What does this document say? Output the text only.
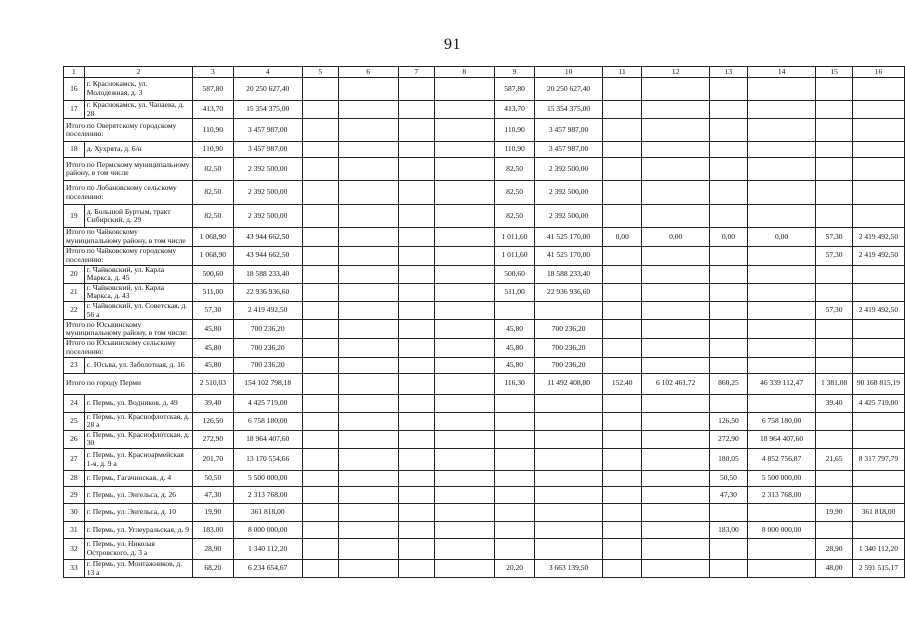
91
1	2	3	4	5	6	7	8	9	10	11	12	13	14	15	16
16	г. Краснокамск, ул. Молодежная, д. 3	587,80	20 250 627,40					587,80	20 250 627,40						
17	г. Краснокамск, ул. Чапаева, д. 28	413,70	15 354 375,00					413,70	15 354 375,00						
Итого по Оверятскому городскому поселению:		110,90	3 457 987,00					110,90	3 457 987,00						
18	д. Хухрята, д. 6/н	110,90	3 457 987,00					110,90	3 457 987,00						
Итого по Пермскому муниципальному району, в том числе		82,50	2 392 500,00					82,50	2 392 500,00						
Итого по Лобановскому сельскому поселению:		82,50	2 392 500,00					82,50	2 392 500,00						
19	д. Большой Буртым, тракт Сибирский, д. 29	82,50	2 392 500,00					82,50	2 392 500,00						
Итого по Чайковскому муниципальному району, в том числе		1 068,90	43 944 662,50					1 011,60	41 525 170,00	0,00	0,00	0,00	0,00	57,30	2 419 492,50
Итого по Чайковскому городскому поселению:		1 068,90	43 944 662,50					1 011,60	41 525 170,00					57,30	2 419 492,50
20	г. Чайковский, ул. Карла Маркса, д. 45	500,60	18 588 233,40					500,60	18 588 233,40						
21	г. Чайковский, ул. Карла Маркса, д. 43	511,00	22 936 936,60					511,00	22 936 936,60						
22	г. Чайковский, ул. Советская, д. 56 а	57,30	2 419 492,50											57,30	2 419 492,50
Итого по Юсьвинскому муниципальному району, в том числе:		45,80	700 236,20					45,80	700 236,20						
Итого по Юсьвинскому сельскому поселению:		45,80	700 236,20					45,80	700 236,20						
23	с. Юсьва, ул. Заболотная, д. 16	45,80	700 236,20					45,80	700 236,20						
Итого по городу Перми		2 510,03	154 102 798,18					116,30	11 492 408,80	152,40	6 102 461,72	860,25	46 339 112,47	1 381,08	90 168 815,19
24	г. Пермь, ул. Водников, д. 49	39,40	4 425 719,00											39,40	4 425 719,00
25	г. Пермь, ул. Краснофлотская, д. 28 а	126,50	6 758 180,00									126,50	6 758 180,00		
26	г. Пермь, ул. Краснофлотская, д. 30	272,90	18 964 407,60									272,90	18 964 407,60		
27	г. Пермь, ул. Красноармейская 1-я, д. 9 а	201,70	13 170 554,66									180,05	4 852 756,87	21,65	8 317 797,79
28	г. Пермь, Гагачинская, д. 4	50,50	5 500 000,00									50,50	5 500 000,00		
29	г. Пермь, ул. Энгельса, д. 26	47,30	2 313 768,00									47,30	2 313 768,00		
30	г. Пермь, ул. Энгельса, д. 10	19,90	361 818,00											19,90	361 818,00
31	г. Пермь, ул. Углеуральская, д. 9	183,00	8 000 000,00									183,00	8 000 000,00		
32	г. Пермь, ул. Николая Островского, д. 3 а	28,90	1 340 112,20											28,90	1 340 112,20
33	г. Пермь, ул. Монтажников, д. 13 а	68,20	6 234 654,67					20,20	3 663 139,50					48,00	2 591 515,17
